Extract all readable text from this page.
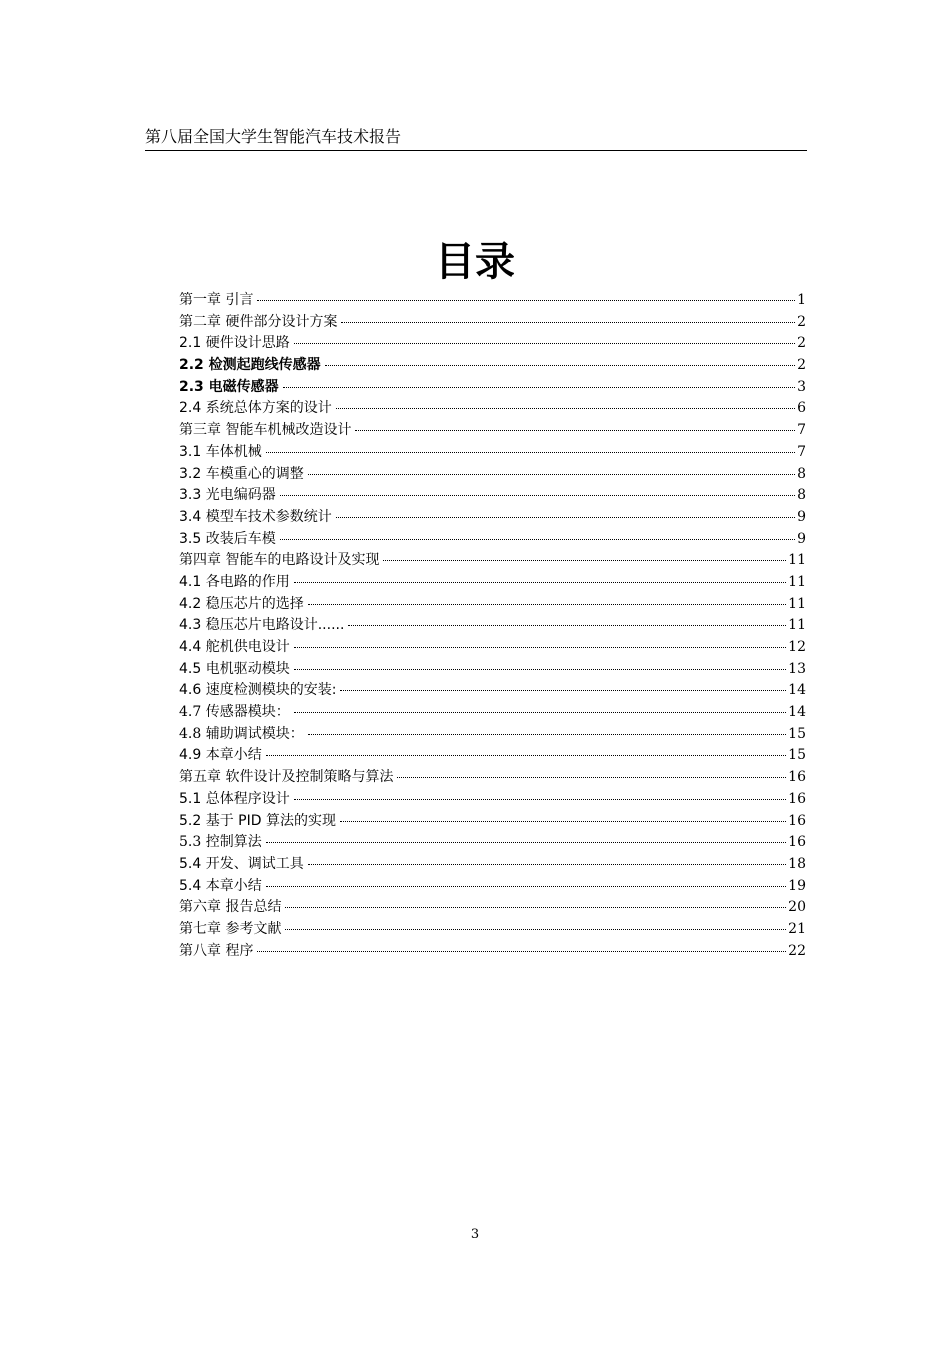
第八届全国大学生智能汽车技术报告
目录
第一章 引言	1
第二章 硬件部分设计方案	2
2.1 硬件设计思路	2
2.2 检测起跑线传感器	2
2.3 电磁传感器	3
2.4 系统总体方案的设计	6
第三章 智能车机械改造设计	7
3.1 车体机械	7
3.2 车模重心的调整	8
3.3 光电编码器	8
3.4 模型车技术参数统计	9
3.5 改装后车模	9
第四章 智能车的电路设计及实现	11
4.1 各电路的作用	11
4.2 稳压芯片的选择	11
4.3 稳压芯片电路设计......	11
4.4 舵机供电设计	12
4.5 电机驱动模块	13
4.6 速度检测模块的安装:	14
4.7 传感器模块：	14
4.8 辅助调试模块：	15
4.9 本章小结	15
第五章 软件设计及控制策略与算法	16
5.1 总体程序设计	16
5.2 基于 PID 算法的实现	16
5.3 控制算法	16
5.4 开发、调试工具	18
5.4 本章小结	19
第六章 报告总结	20
第七章 参考文献	21
第八章 程序	22
3
